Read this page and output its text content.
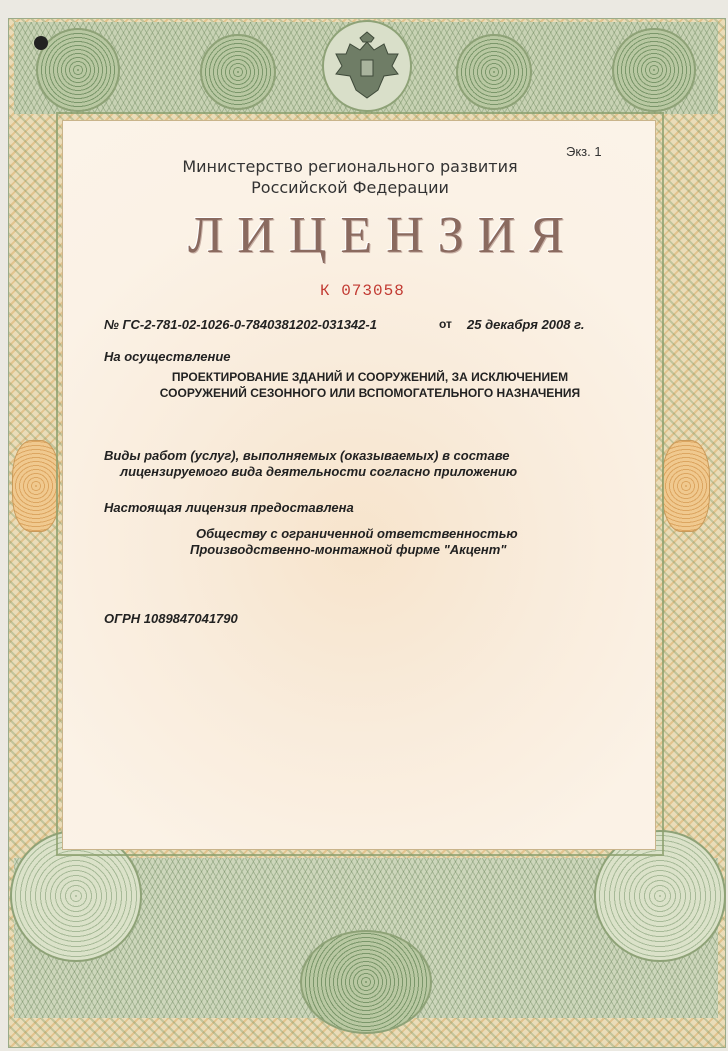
Экз. 1
Министерство регионального развития
Российской Федерации
ЛИЦЕНЗИЯ
К 073058
№ ГС-2-781-02-1026-0-7840381202-031342-1	от 25 декабря 2008 г.
На осуществление
ПРОЕКТИРОВАНИЕ ЗДАНИЙ И СООРУЖЕНИЙ, ЗА ИСКЛЮЧЕНИЕМ
СООРУЖЕНИЙ СЕЗОННОГО ИЛИ ВСПОМОГАТЕЛЬНОГО НАЗНАЧЕНИЯ
Виды работ (услуг), выполняемых (оказываемых) в составе
лицензируемого вида деятельности согласно приложению
Настоящая лицензия предоставлена
Обществу с ограниченной ответственностью
Производственно-монтажной фирме "Акцент"
ОГРН 1089847041790
